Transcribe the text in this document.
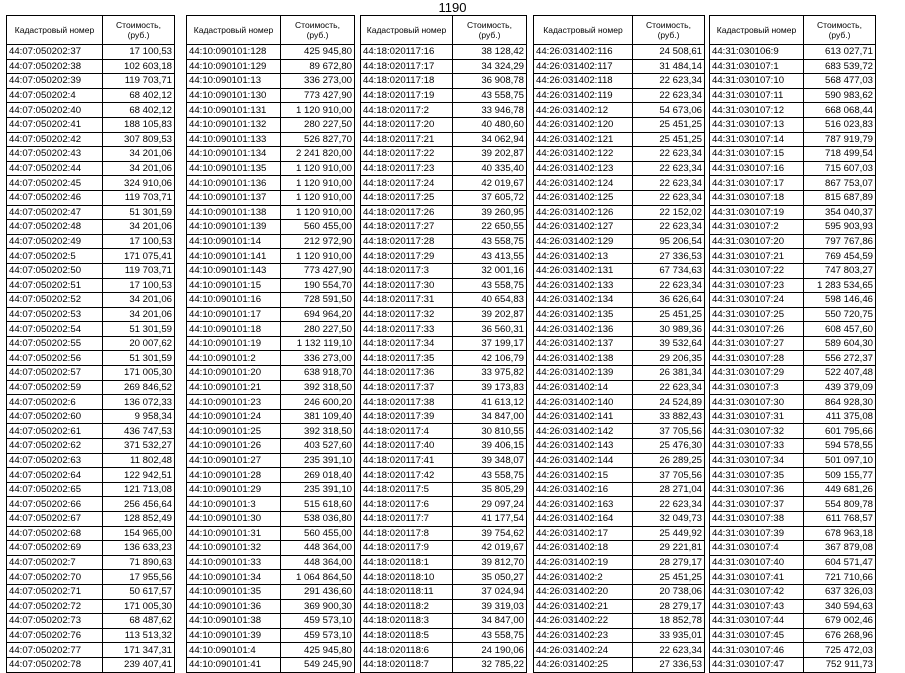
1190
Кадастровый номер	Стоимость, (руб.)
44:07:050202:37	17 100,53
44:07:050202:38	102 603,18
44:07:050202:39	119 703,71
44:07:050202:4	68 402,12
44:07:050202:40	68 402,12
44:07:050202:41	188 105,83
44:07:050202:42	307 809,53
44:07:050202:43	34 201,06
44:07:050202:44	34 201,06
44:07:050202:45	324 910,06
44:07:050202:46	119 703,71
44:07:050202:47	51 301,59
44:07:050202:48	34 201,06
44:07:050202:49	17 100,53
44:07:050202:5	171 075,41
44:07:050202:50	119 703,71
44:07:050202:51	17 100,53
44:07:050202:52	34 201,06
44:07:050202:53	34 201,06
44:07:050202:54	51 301,59
44:07:050202:55	20 007,62
44:07:050202:56	51 301,59
44:07:050202:57	171 005,30
44:07:050202:59	269 846,52
44:07:050202:6	136 072,33
44:07:050202:60	9 958,34
44:07:050202:61	436 747,53
44:07:050202:62	371 532,27
44:07:050202:63	11 802,48
44:07:050202:64	122 942,51
44:07:050202:65	121 713,08
44:07:050202:66	256 456,64
44:07:050202:67	128 852,49
44:07:050202:68	154 965,00
44:07:050202:69	136 633,23
44:07:050202:7	71 890,63
44:07:050202:70	17 955,56
44:07:050202:71	50 617,57
44:07:050202:72	171 005,30
44:07:050202:73	68 487,62
44:07:050202:76	113 513,32
44:07:050202:77	171 347,31
44:07:050202:78	239 407,41
Кадастровый номер	Стоимость, (руб.)
44:10:090101:128	425 945,80
44:10:090101:129	89 672,80
44:10:090101:13	336 273,00
44:10:090101:130	773 427,90
44:10:090101:131	1 120 910,00
44:10:090101:132	280 227,50
44:10:090101:133	526 827,70
44:10:090101:134	2 241 820,00
44:10:090101:135	1 120 910,00
44:10:090101:136	1 120 910,00
44:10:090101:137	1 120 910,00
44:10:090101:138	1 120 910,00
44:10:090101:139	560 455,00
44:10:090101:14	212 972,90
44:10:090101:141	1 120 910,00
44:10:090101:143	773 427,90
44:10:090101:15	190 554,70
44:10:090101:16	728 591,50
44:10:090101:17	694 964,20
44:10:090101:18	280 227,50
44:10:090101:19	1 132 119,10
44:10:090101:2	336 273,00
44:10:090101:20	638 918,70
44:10:090101:21	392 318,50
44:10:090101:23	246 600,20
44:10:090101:24	381 109,40
44:10:090101:25	392 318,50
44:10:090101:26	403 527,60
44:10:090101:27	235 391,10
44:10:090101:28	269 018,40
44:10:090101:29	235 391,10
44:10:090101:3	515 618,60
44:10:090101:30	538 036,80
44:10:090101:31	560 455,00
44:10:090101:32	448 364,00
44:10:090101:33	448 364,00
44:10:090101:34	1 064 864,50
44:10:090101:35	291 436,60
44:10:090101:36	369 900,30
44:10:090101:38	459 573,10
44:10:090101:39	459 573,10
44:10:090101:4	425 945,80
44:10:090101:41	549 245,90
Кадастровый номер	Стоимость, (руб.)
44:18:020117:16	38 128,42
44:18:020117:17	34 324,29
44:18:020117:18	36 908,78
44:18:020117:19	43 558,75
44:18:020117:2	33 946,78
44:18:020117:20	40 480,60
44:18:020117:21	34 062,94
44:18:020117:22	39 202,87
44:18:020117:23	40 335,40
44:18:020117:24	42 019,67
44:18:020117:25	37 605,72
44:18:020117:26	39 260,95
44:18:020117:27	22 650,55
44:18:020117:28	43 558,75
44:18:020117:29	43 413,55
44:18:020117:3	32 001,16
44:18:020117:30	43 558,75
44:18:020117:31	40 654,83
44:18:020117:32	39 202,87
44:18:020117:33	36 560,31
44:18:020117:34	37 199,17
44:18:020117:35	42 106,79
44:18:020117:36	33 975,82
44:18:020117:37	39 173,83
44:18:020117:38	41 613,12
44:18:020117:39	34 847,00
44:18:020117:4	30 810,55
44:18:020117:40	39 406,15
44:18:020117:41	39 348,07
44:18:020117:42	43 558,75
44:18:020117:5	35 805,29
44:18:020117:6	29 097,24
44:18:020117:7	41 177,54
44:18:020117:8	39 754,62
44:18:020117:9	42 019,67
44:18:020118:1	39 812,70
44:18:020118:10	35 050,27
44:18:020118:11	37 024,94
44:18:020118:2	39 319,03
44:18:020118:3	34 847,00
44:18:020118:5	43 558,75
44:18:020118:6	24 190,06
44:18:020118:7	32 785,22
Кадастровый номер	Стоимость, (руб.)
44:26:031402:116	24 508,61
44:26:031402:117	31 484,14
44:26:031402:118	22 623,34
44:26:031402:119	22 623,34
44:26:031402:12	54 673,06
44:26:031402:120	25 451,25
44:26:031402:121	25 451,25
44:26:031402:122	22 623,34
44:26:031402:123	22 623,34
44:26:031402:124	22 623,34
44:26:031402:125	22 623,34
44:26:031402:126	22 152,02
44:26:031402:127	22 623,34
44:26:031402:129	95 206,54
44:26:031402:13	27 336,53
44:26:031402:131	67 734,63
44:26:031402:133	22 623,34
44:26:031402:134	36 626,64
44:26:031402:135	25 451,25
44:26:031402:136	30 989,36
44:26:031402:137	39 532,64
44:26:031402:138	29 206,35
44:26:031402:139	26 381,34
44:26:031402:14	22 623,34
44:26:031402:140	24 524,89
44:26:031402:141	33 882,43
44:26:031402:142	37 705,56
44:26:031402:143	25 476,30
44:26:031402:144	26 289,25
44:26:031402:15	37 705,56
44:26:031402:16	28 271,04
44:26:031402:163	22 623,34
44:26:031402:164	32 049,73
44:26:031402:17	25 449,92
44:26:031402:18	29 221,81
44:26:031402:19	28 279,17
44:26:031402:2	25 451,25
44:26:031402:20	20 738,06
44:26:031402:21	28 279,17
44:26:031402:22	18 852,78
44:26:031402:23	33 935,01
44:26:031402:24	22 623,34
44:26:031402:25	27 336,53
Кадастровый номер	Стоимость, (руб.)
44:31:030106:9	613 027,71
44:31:030107:1	683 539,72
44:31:030107:10	568 477,03
44:31:030107:11	590 983,62
44:31:030107:12	668 068,44
44:31:030107:13	516 023,83
44:31:030107:14	787 919,79
44:31:030107:15	718 499,54
44:31:030107:16	715 607,03
44:31:030107:17	867 753,07
44:31:030107:18	815 687,89
44:31:030107:19	354 040,37
44:31:030107:2	595 903,93
44:31:030107:20	797 767,86
44:31:030107:21	769 454,59
44:31:030107:22	747 803,27
44:31:030107:23	1 283 534,65
44:31:030107:24	598 146,46
44:31:030107:25	550 720,75
44:31:030107:26	608 457,60
44:31:030107:27	589 604,30
44:31:030107:28	556 272,37
44:31:030107:29	522 407,48
44:31:030107:3	439 379,09
44:31:030107:30	864 928,30
44:31:030107:31	411 375,08
44:31:030107:32	601 795,66
44:31:030107:33	594 578,55
44:31:030107:34	501 097,10
44:31:030107:35	509 155,77
44:31:030107:36	449 681,26
44:31:030107:37	554 809,78
44:31:030107:38	611 768,57
44:31:030107:39	678 963,18
44:31:030107:4	367 879,08
44:31:030107:40	604 571,47
44:31:030107:41	721 710,66
44:31:030107:42	637 326,03
44:31:030107:43	340 594,63
44:31:030107:44	679 002,46
44:31:030107:45	676 268,96
44:31:030107:46	725 472,03
44:31:030107:47	752 911,73
